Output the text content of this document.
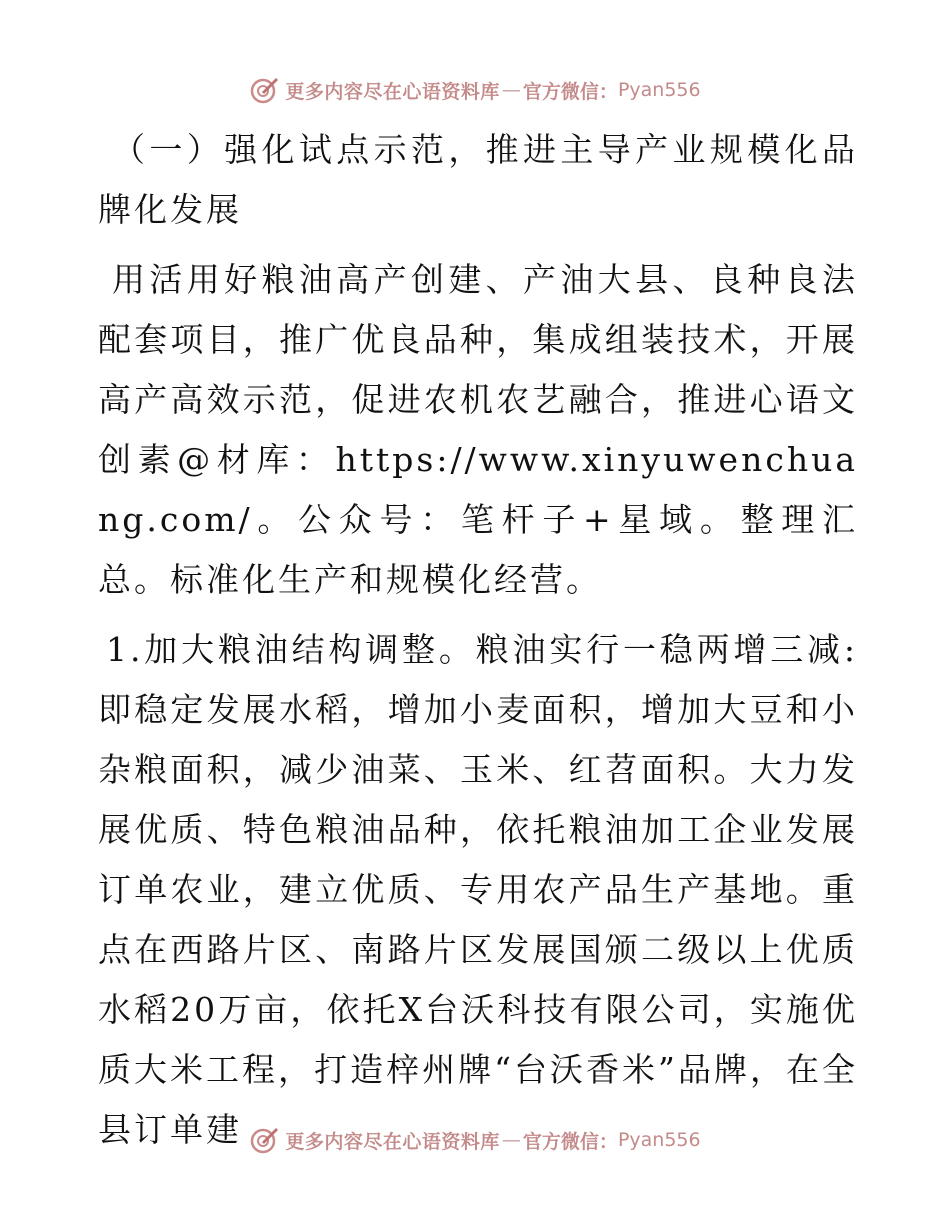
更多内容尽在心语资料库 — 官方微信： Pyan556

（一）强化试点示范，推进主导产业规模化品牌化发展

用活用好粮油高产创建、产油大县、良种良法配套项目，推广优良品种，集成组装技术，开展高产高效示范，促进农机农艺融合，推进心语文创素@材库：https://www.xinyuwenchuang.com/。公众号：笔杆子+星域。整理汇总。标准化生产和规模化经营。

1.加大粮油结构调整。粮油实行一稳两增三减:即稳定发展水稻，增加小麦面积，增加大豆和小杂粮面积，减少油菜、玉米、红苕面积。大力发展优质、特色粮油品种，依托粮油加工企业发展订单农业，建立优质、专用农产品生产基地。重点在西路片区、南路片区发展国颁二级以上优质水稻20万亩，依托X台沃科技有限公司，实施优质大米工程，打造梓州牌“台沃香米”品牌，在全县订单建	更多内容尽在心语资料库 — 官方微信： Pyan556
